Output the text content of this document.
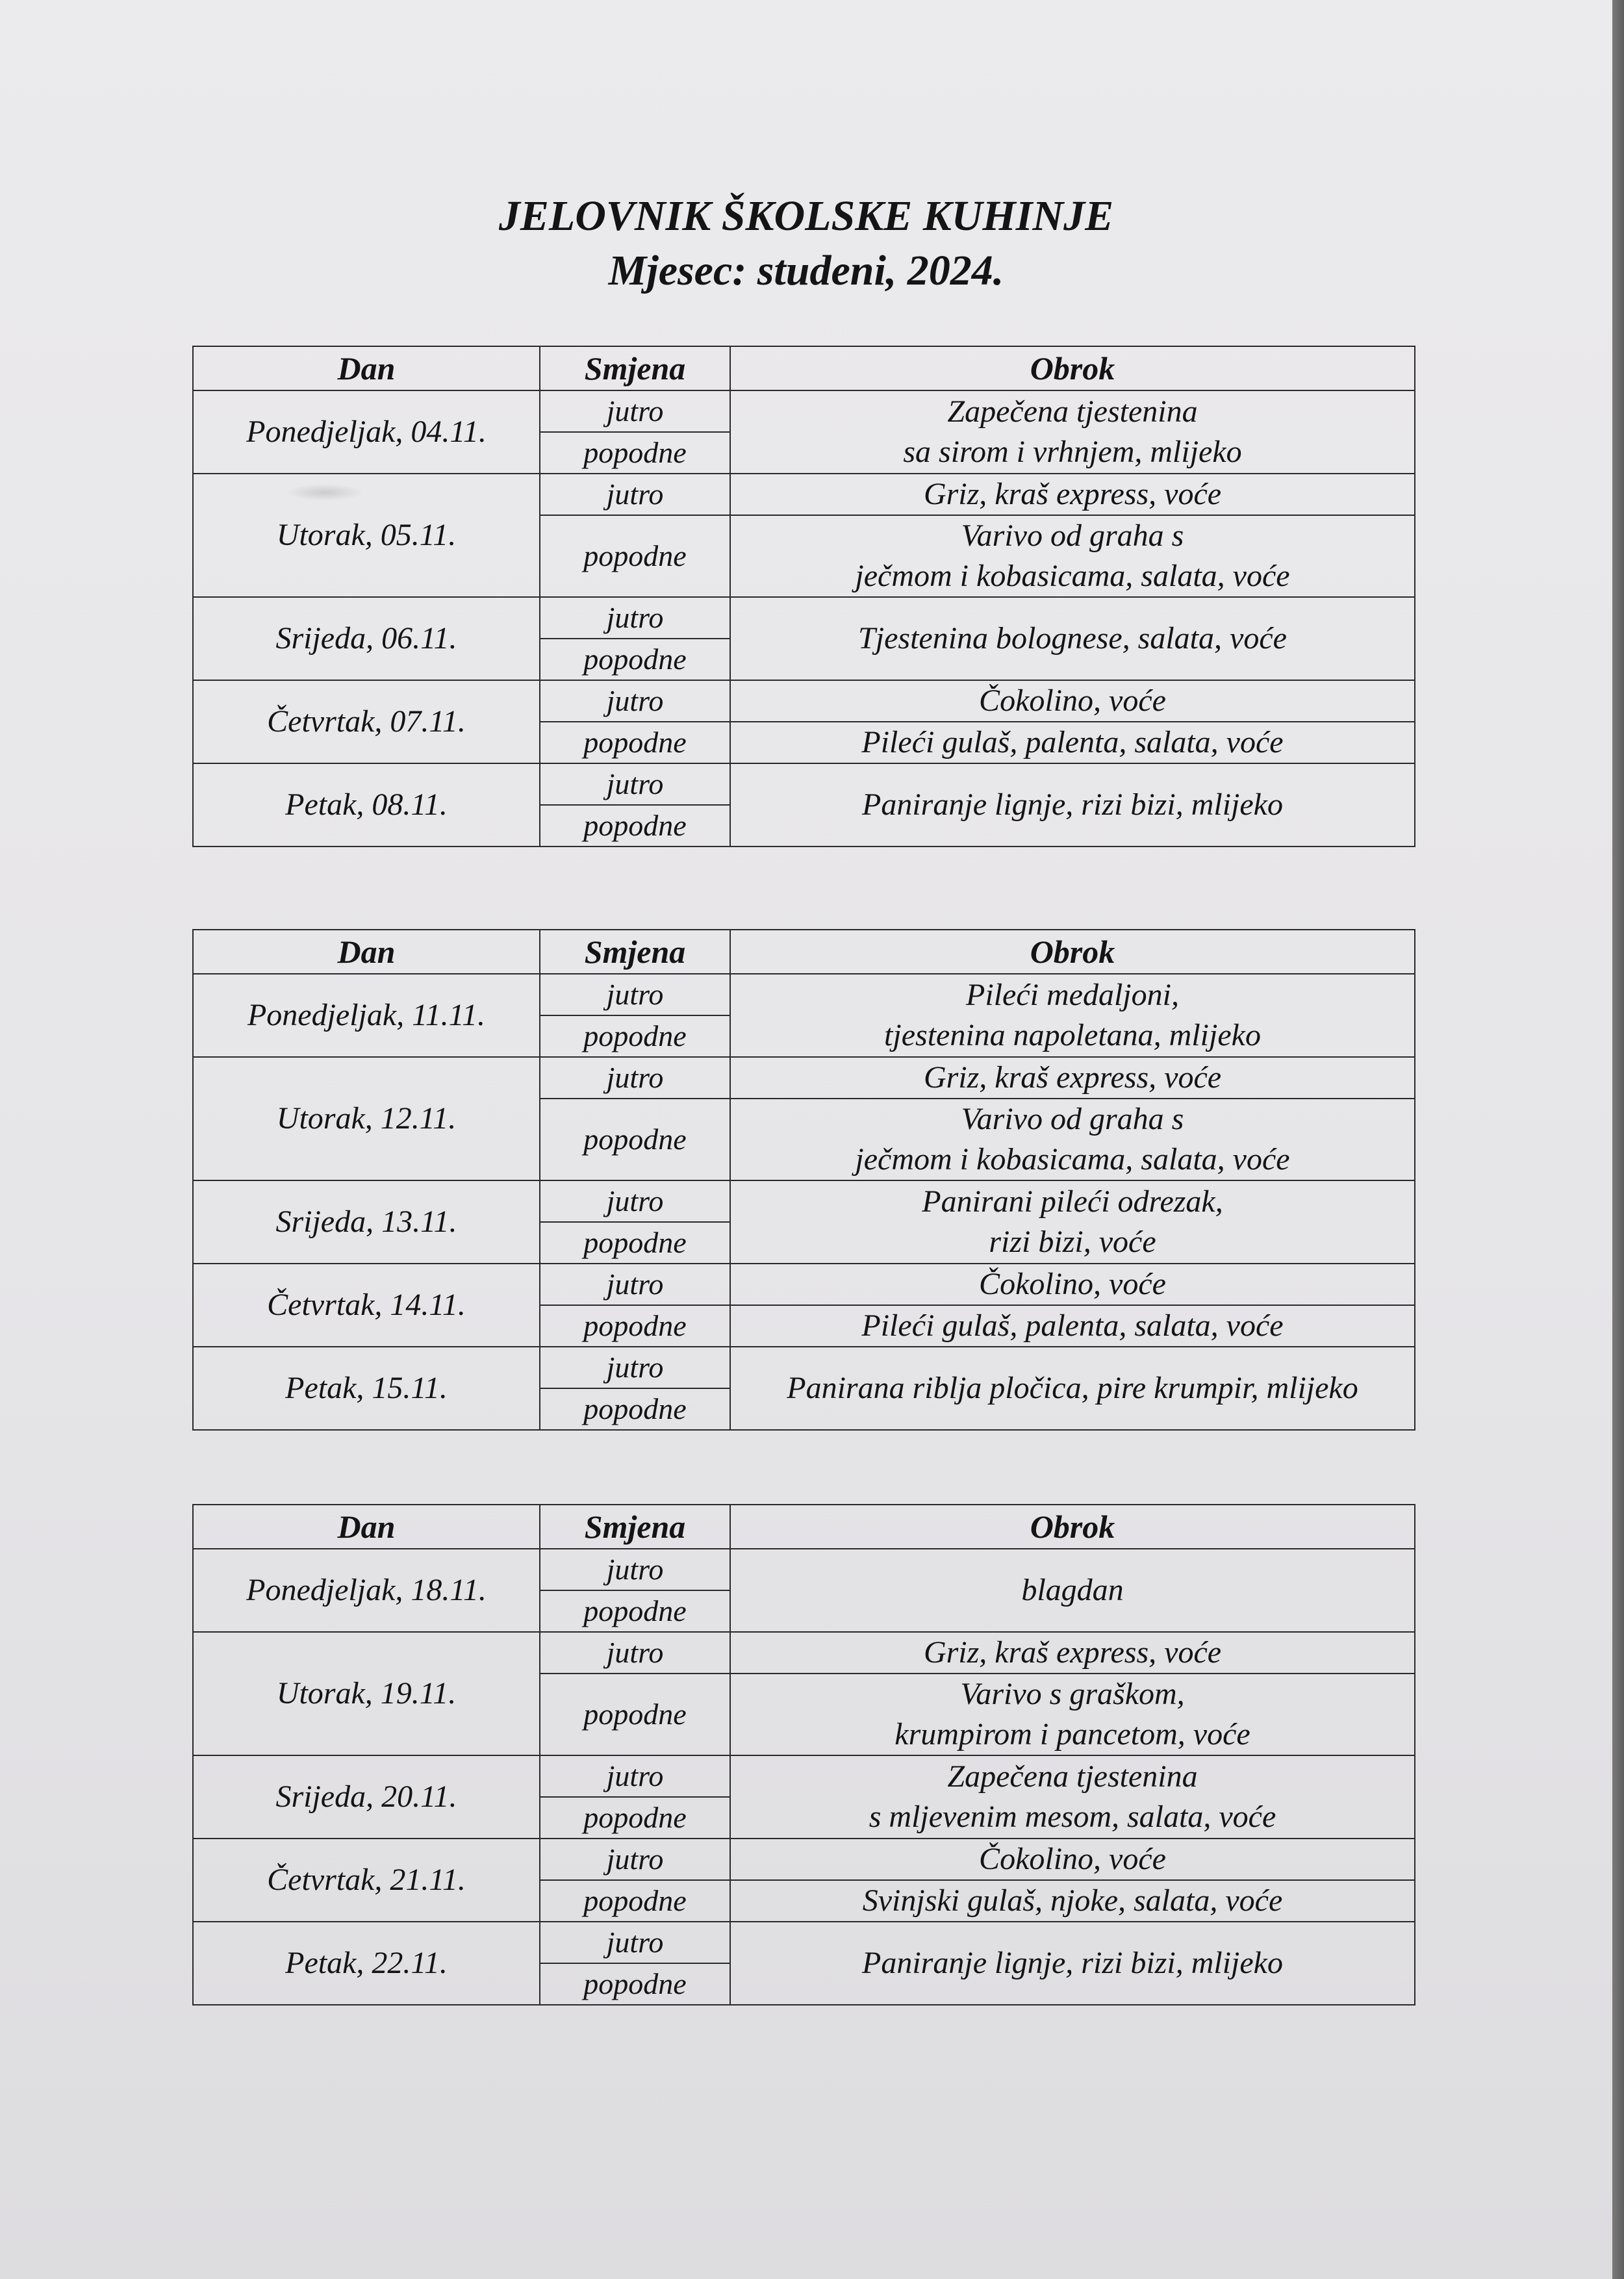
JELOVNIK ŠKOLSKE KUHINJE
Mjesec: studeni, 2024.
Dan	Smjena	Obrok
Ponedjeljak, 04.11.	jutro	Zapečena tjestenina
sa sirom i vrhnjem, mlijeko
	popodne	
Utorak, 05.11.	jutro	Griz, kraš express, voće
	popodne	Varivo od graha s
ječmom i kobasicama, salata, voće
Srijeda, 06.11.	jutro	Tjestenina bolognese, salata, voće
	popodne	
Četvrtak, 07.11.	jutro	Čokolino, voće
	popodne	Pileći gulaš, palenta, salata, voće
Petak, 08.11.	jutro	Paniranje lignje, rizi bizi, mlijeko
	popodne	
Dan	Smjena	Obrok
Ponedjeljak, 11.11.	jutro	Pileći medaljoni,
tjestenina napoletana, mlijeko
	popodne	
Utorak, 12.11.	jutro	Griz, kraš express, voće
	popodne	Varivo od graha s
ječmom i kobasicama, salata, voće
Srijeda, 13.11.	jutro	Panirani pileći odrezak,
rizi bizi, voće
	popodne	
Četvrtak, 14.11.	jutro	Čokolino, voće
	popodne	Pileći gulaš, palenta, salata, voće
Petak, 15.11.	jutro	Panirana riblja pločica, pire krumpir, mlijeko
	popodne	
Dan	Smjena	Obrok
Ponedjeljak, 18.11.	jutro	blagdan
	popodne	
Utorak, 19.11.	jutro	Griz, kraš express, voće
	popodne	Varivo s graškom,
krumpirom i pancetom, voće
Srijeda, 20.11.	jutro	Zapečena tjestenina
s mljevenim mesom, salata, voće
	popodne	
Četvrtak, 21.11.	jutro	Čokolino, voće
	popodne	Svinjski gulaš, njoke, salata, voće
Petak, 22.11.	jutro	Paniranje lignje, rizi bizi, mlijeko
	popodne	
